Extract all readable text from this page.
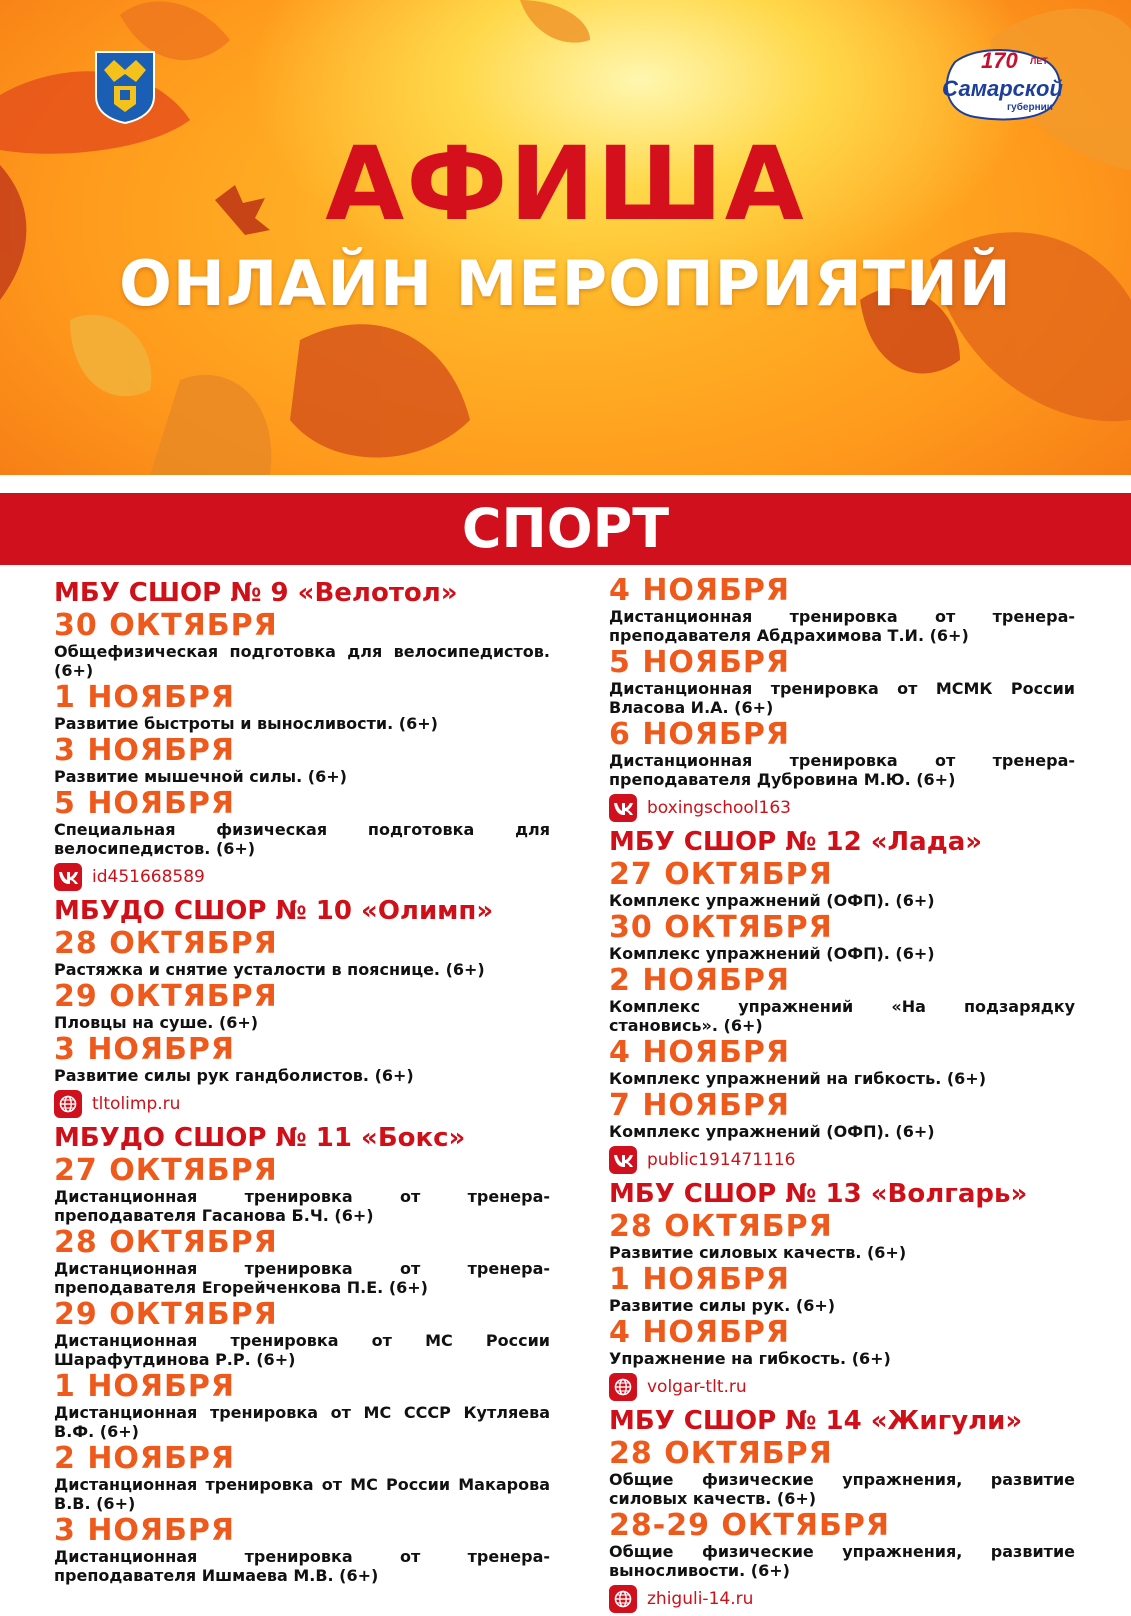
170 ЛЕТ
Самарской
губернии
АФИША
ОНЛАЙН МЕРОПРИЯТИЙ
СПОРТ
МБУ СШОР № 9 «Велотол»
30 ОКТЯБРЯ
Общефизическая подготовка для велосипедистов. (6+)
1 НОЯБРЯ
Развитие быстроты и выносливости. (6+)
3 НОЯБРЯ
Развитие мышечной силы. (6+)
5 НОЯБРЯ
Специальная физическая подготовка для велосипедистов. (6+)
id451668589
МБУДО СШОР № 10 «Олимп»
28 ОКТЯБРЯ
Растяжка и снятие усталости в пояснице. (6+)
29 ОКТЯБРЯ
Пловцы на суше. (6+)
3 НОЯБРЯ
Развитие силы рук гандболистов. (6+)
tltolimp.ru
МБУДО СШОР № 11 «Бокс»
27 ОКТЯБРЯ
Дистанционная тренировка от тренера-преподавателя Гасанова Б.Ч. (6+)
28 ОКТЯБРЯ
Дистанционная тренировка от тренера-преподавателя Егорейченкова П.Е. (6+)
29 ОКТЯБРЯ
Дистанционная тренировка от МС России Шарафутдинова Р.Р. (6+)
1 НОЯБРЯ
Дистанционная тренировка от МС СССР Кутляева В.Ф. (6+)
2 НОЯБРЯ
Дистанционная тренировка от МС России Макарова В.В. (6+)
3 НОЯБРЯ
Дистанционная тренировка от тренера-преподавателя Ишмаева М.В. (6+)
4 НОЯБРЯ
Дистанционная тренировка от тренера-преподавателя Абдрахимова Т.И. (6+)
5 НОЯБРЯ
Дистанционная тренировка от МСМК России Власова И.А. (6+)
6 НОЯБРЯ
Дистанционная тренировка от тренера-преподавателя Дубровина М.Ю. (6+)
boxingschool163
МБУ СШОР № 12 «Лада»
27 ОКТЯБРЯ
Комплекс упражнений (ОФП). (6+)
30 ОКТЯБРЯ
Комплекс упражнений (ОФП). (6+)
2 НОЯБРЯ
Комплекс упражнений «На подзарядку становись». (6+)
4 НОЯБРЯ
Комплекс упражнений на гибкость. (6+)
7 НОЯБРЯ
Комплекс упражнений (ОФП). (6+)
public191471116
МБУ СШОР № 13 «Волгарь»
28 ОКТЯБРЯ
Развитие силовых качеств. (6+)
1 НОЯБРЯ
Развитие силы рук. (6+)
4 НОЯБРЯ
Упражнение на гибкость. (6+)
volgar-tlt.ru
МБУ СШОР № 14 «Жигули»
28 ОКТЯБРЯ
Общие физические упражнения, развитие силовых качеств. (6+)
28-29 ОКТЯБРЯ
Общие физические упражнения, развитие выносливости. (6+)
zhiguli-14.ru
